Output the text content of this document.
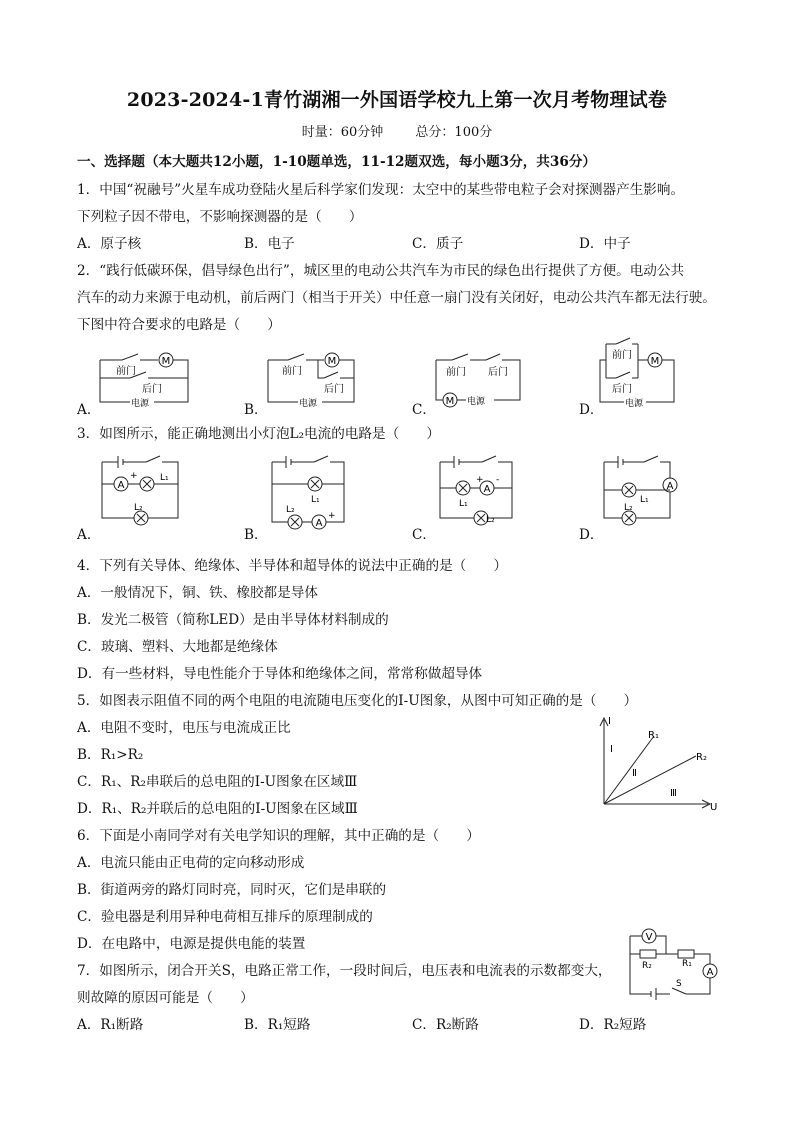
2023-2024-1青竹湖湘一外国语学校九上第一次月考物理试卷
时量：60分钟 总分：100分
一、选择题（本大题共12小题，1-10题单选，11-12题双选，每小题3分，共36分）
1．中国“祝融号”火星车成功登陆火星后科学家们发现：太空中的某些带电粒子会对探测器产生影响。
下列粒子因不带电，不影响探测器的是（　　）
A．原子核	B．电子	C．质子	D．中子
2．“践行低碳环保，倡导绿色出行”，城区里的电动公共汽车为市民的绿色出行提供了方便。电动公共
汽车的动力来源于电动机，前后两门（相当于开关）中任意一扇门没有关闭好，电动公共汽车都无法行驶。
下图中符合要求的电路是（　　）
A．
M
前门
后门
电源	B．
M
前门
后门
电源	C．
前门 后门
M 电源	D．
前门
后门
M
电源
3．如图所示，能正确地测出小灯泡L₂电流的电路是（　　）
A．
A
+ L₁
L₂
B．
L₁
L₂
A
+
C．
A
+ -
L₁
L₂
D．
A
L₁
L₂
4．下列有关导体、绝缘体、半导体和超导体的说法中正确的是（　　）
A．一般情况下，铜、铁、橡胶都是导体
B．发光二极管（简称LED）是由半导体材料制成的
C．玻璃、塑料、大地都是绝缘体
D．有一些材料，导电性能介于导体和绝缘体之间，常常称做超导体
5．如图表示阻值不同的两个电阻的电流随电压变化的I-U图象，从图中可知正确的是（　　）
A．电阻不变时，电压与电流成正比
B．R₁>R₂
C．R₁、R₂串联后的总电阻的I-U图象在区域Ⅲ
D．R₁、R₂并联后的总电阻的I-U图象在区域Ⅲ
I
U
R₁
R₂
Ⅰ
Ⅱ
Ⅲ
6．下面是小南同学对有关电学知识的理解，其中正确的是（　　）
A．电流只能由正电荷的定向移动形成
B．街道两旁的路灯同时亮，同时灭，它们是串联的
C．验电器是利用异种电荷相互排斥的原理制成的
D．在电路中，电源是提供电能的装置
7．如图所示，闭合开关S，电路正常工作，一段时间后，电压表和电流表的示数都变大，
则故障的原因可能是（　　）
A．R₁断路	B．R₁短路	C．R₂断路	D．R₂短路
V
A
R₂	R₁
S
